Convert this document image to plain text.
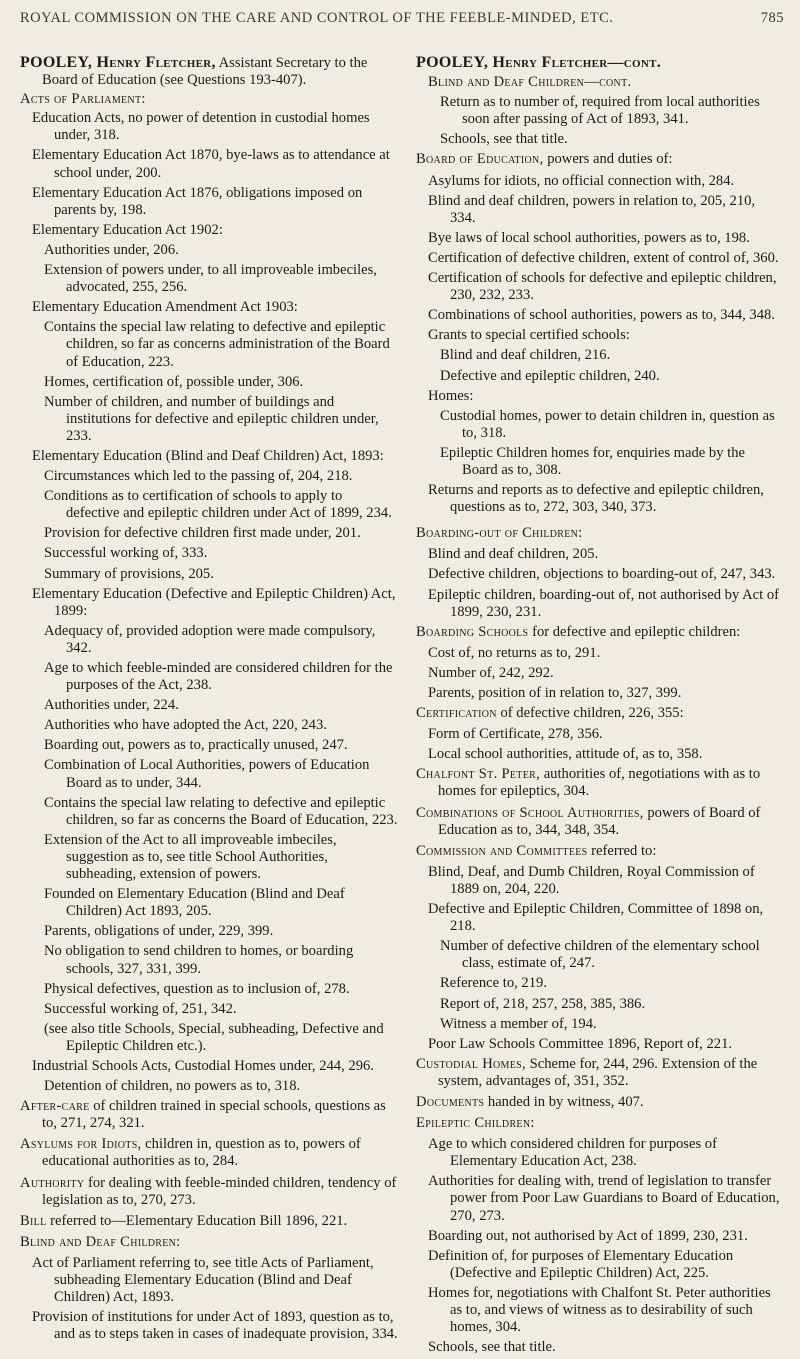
ROYAL COMMISSION ON THE CARE AND CONTROL OF THE FEEBLE-MINDED, ETC.	785

POOLEY, Henry Fletcher, Assistant Secretary to the Board of Education (see Questions 193-407).

Acts of Parliament:

Education Acts, no power of detention in custodial homes under, 318.

Elementary Education Act 1870, bye-laws as to attendance at school under, 200.

Elementary Education Act 1876, obligations imposed on parents by, 198.

Elementary Education Act 1902:

Authorities under, 206.

Extension of powers under, to all improveable imbeciles, advocated, 255, 256.

Elementary Education Amendment Act 1903:

Contains the special law relating to defective and epileptic children, so far as concerns administration of the Board of Education, 223.

Homes, certification of, possible under, 306.

Number of children, and number of buildings and institutions for defective and epileptic children under, 233.

Elementary Education (Blind and Deaf Children) Act, 1893:

Circumstances which led to the passing of, 204, 218.

Conditions as to certification of schools to apply to defective and epileptic children under Act of 1899, 234.

Provision for defective children first made under, 201.

Successful working of, 333.

Summary of provisions, 205.

Elementary Education (Defective and Epileptic Children) Act, 1899:

Adequacy of, provided adoption were made compulsory, 342.

Age to which feeble-minded are considered children for the purposes of the Act, 238.

Authorities under, 224.

Authorities who have adopted the Act, 220, 243.

Boarding out, powers as to, practically unused, 247.

Combination of Local Authorities, powers of Education Board as to under, 344.

Contains the special law relating to defective and epileptic children, so far as concerns the Board of Education, 223.

Extension of the Act to all improveable imbeciles, suggestion as to, see title School Authorities, subheading, extension of powers.

Founded on Elementary Education (Blind and Deaf Children) Act 1893, 205.

Parents, obligations of under, 229, 399.

No obligation to send children to homes, or boarding schools, 327, 331, 399.

Physical defectives, question as to inclusion of, 278.

Successful working of, 251, 342.

(see also title Schools, Special, subheading, Defective and Epileptic Children etc.).

Industrial Schools Acts, Custodial Homes under, 244, 296.

Detention of children, no powers as to, 318.

After-care of children trained in special schools, questions as to, 271, 274, 321.

Asylums for Idiots, children in, question as to, powers of educational authorities as to, 284.

Authority for dealing with feeble-minded children, tendency of legislation as to, 270, 273.

Bill referred to—Elementary Education Bill 1896, 221.

Blind and Deaf Children:

Act of Parliament referring to, see title Acts of Parliament, subheading Elementary Education (Blind and Deaf Children) Act, 1893.

Provision of institutions for under Act of 1893, question as to, and as to steps taken in cases of inadequate provision, 334.

POOLEY, Henry Fletcher—cont.

Blind and Deaf Children—cont.

Return as to number of, required from local authorities soon after passing of Act of 1893, 341.

Schools, see that title.

Board of Education, powers and duties of:

Asylums for idiots, no official connection with, 284.

Blind and deaf children, powers in relation to, 205, 210, 334.

Bye laws of local school authorities, powers as to, 198.

Certification of defective children, extent of control of, 360.

Certification of schools for defective and epileptic children, 230, 232, 233.

Combinations of school authorities, powers as to, 344, 348.

Grants to special certified schools:

Blind and deaf children, 216.

Defective and epileptic children, 240.

Homes:

Custodial homes, power to detain children in, question as to, 318.

Epileptic Children homes for, enquiries made by the Board as to, 308.

Returns and reports as to defective and epileptic children, questions as to, 272, 303, 340, 373.

Boarding-out of Children:

Blind and deaf children, 205.

Defective children, objections to boarding-out of, 247, 343.

Epileptic children, boarding-out of, not authorised by Act of 1899, 230, 231.

Boarding Schools for defective and epileptic children:

Cost of, no returns as to, 291.

Number of, 242, 292.

Parents, position of in relation to, 327, 399.

Certification of defective children, 226, 355:

Form of Certificate, 278, 356.

Local school authorities, attitude of, as to, 358.

Chalfont St. Peter, authorities of, negotiations with as to homes for epileptics, 304.

Combinations of School Authorities, powers of Board of Education as to, 344, 348, 354.

Commission and Committees referred to:

Blind, Deaf, and Dumb Children, Royal Commission of 1889 on, 204, 220.

Defective and Epileptic Children, Committee of 1898 on, 218.

Number of defective children of the elementary school class, estimate of, 247.

Reference to, 219.

Report of, 218, 257, 258, 385, 386.

Witness a member of, 194.

Poor Law Schools Committee 1896, Report of, 221.

Custodial Homes, Scheme for, 244, 296. Extension of the system, advantages of, 351, 352.

Documents handed in by witness, 407.

Epileptic Children:

Age to which considered children for purposes of Elementary Education Act, 238.

Authorities for dealing with, trend of legislation to transfer power from Poor Law Guardians to Board of Education, 270, 273.

Boarding out, not authorised by Act of 1899, 230, 231.

Definition of, for purposes of Elementary Education (Defective and Epileptic Children) Act, 225.

Homes for, negotiations with Chalfont St. Peter authorities as to, and views of witness as to desirability of such homes, 304.

Schools, see that title.
